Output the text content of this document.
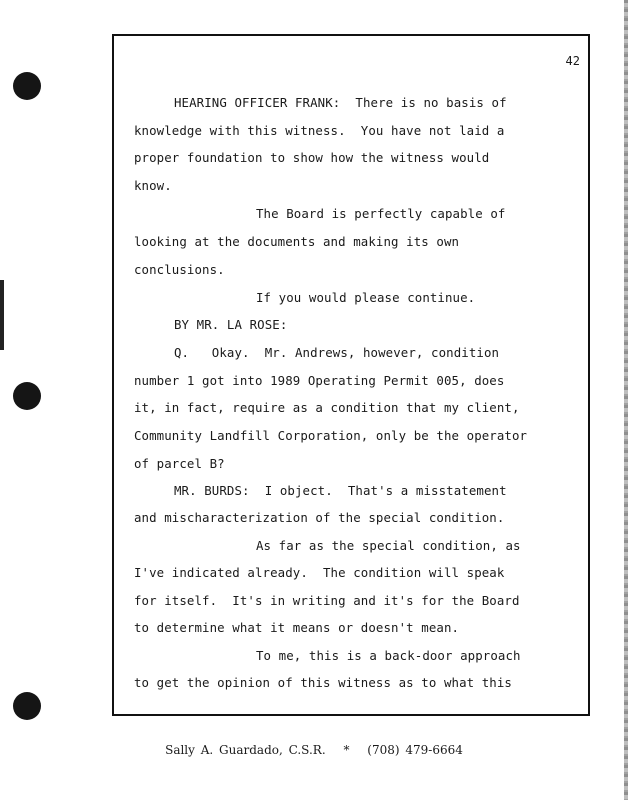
42
HEARING OFFICER FRANK:  There is no basis of
knowledge with this witness.  You have not laid a
proper foundation to show how the witness would
know.
The Board is perfectly capable of
looking at the documents and making its own
conclusions.
If you would please continue.
BY MR. LA ROSE:
Q.   Okay.  Mr. Andrews, however, condition
number 1 got into 1989 Operating Permit 005, does
it, in fact, require as a condition that my client,
Community Landfill Corporation, only be the operator
of parcel B?
MR. BURDS:  I object.  That's a misstatement
and mischaracterization of the special condition.
As far as the special condition, as
I've indicated already.  The condition will speak
for itself.  It's in writing and it's for the Board
to determine what it means or doesn't mean.
To me, this is a back-door approach
to get the opinion of this witness as to what this
Sally A. Guardado, C.S.R. * (708) 479-6664
